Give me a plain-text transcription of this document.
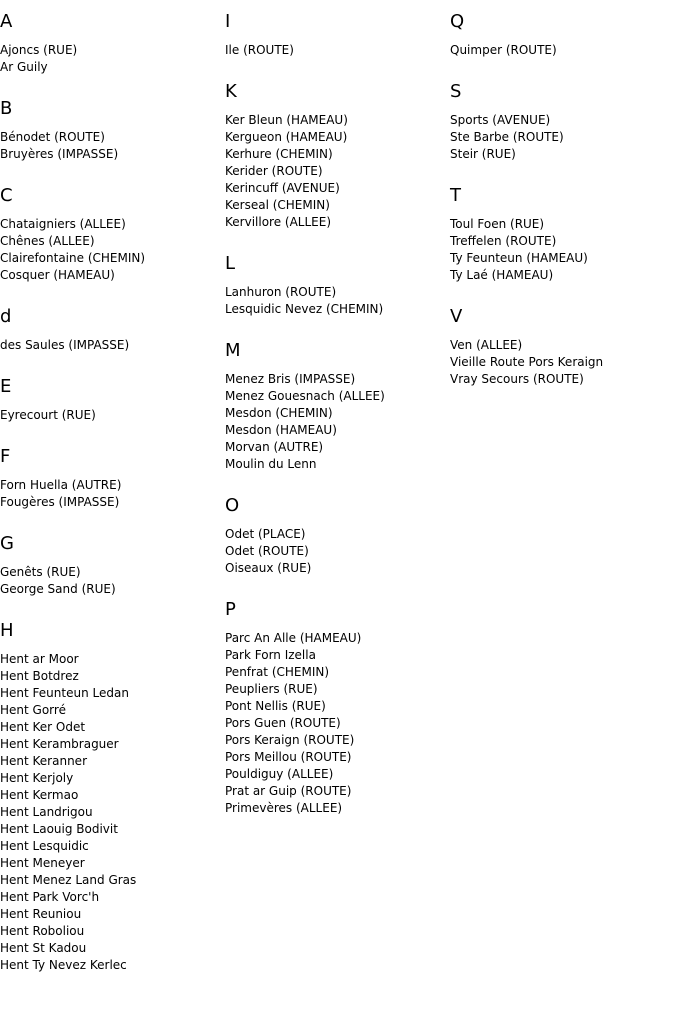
A
Ajoncs (RUE)
Ar Guily
B
Bénodet (ROUTE)
Bruyères (IMPASSE)
C
Chataigniers (ALLEE)
Chênes (ALLEE)
Clairefontaine (CHEMIN)
Cosquer (HAMEAU)
d
des Saules (IMPASSE)
E
Eyrecourt (RUE)
F
Forn Huella (AUTRE)
Fougères (IMPASSE)
G
Genêts (RUE)
George Sand (RUE)
H
Hent ar Moor
Hent Botdrez
Hent Feunteun Ledan
Hent Gorré
Hent Ker Odet
Hent Kerambraguer
Hent Keranner
Hent Kerjoly
Hent Kermao
Hent Landrigou
Hent Laouig Bodivit
Hent Lesquidic
Hent Meneyer
Hent Menez Land Gras
Hent Park Vorc'h
Hent Reuniou
Hent Roboliou
Hent St Kadou
Hent Ty Nevez Kerlec
I
Ile (ROUTE)
K
Ker Bleun (HAMEAU)
Kergueon (HAMEAU)
Kerhure (CHEMIN)
Kerider (ROUTE)
Kerincuff (AVENUE)
Kerseal (CHEMIN)
Kervillore (ALLEE)
L
Lanhuron (ROUTE)
Lesquidic Nevez (CHEMIN)
M
Menez Bris (IMPASSE)
Menez Gouesnach (ALLEE)
Mesdon (CHEMIN)
Mesdon (HAMEAU)
Morvan (AUTRE)
Moulin du Lenn
O
Odet (PLACE)
Odet (ROUTE)
Oiseaux (RUE)
P
Parc An Alle (HAMEAU)
Park Forn Izella
Penfrat (CHEMIN)
Peupliers (RUE)
Pont Nellis (RUE)
Pors Guen (ROUTE)
Pors Keraign (ROUTE)
Pors Meillou (ROUTE)
Pouldiguy (ALLEE)
Prat ar Guip (ROUTE)
Primevères (ALLEE)
Q
Quimper (ROUTE)
S
Sports (AVENUE)
Ste Barbe (ROUTE)
Steir (RUE)
T
Toul Foen (RUE)
Treffelen (ROUTE)
Ty Feunteun (HAMEAU)
Ty Laé (HAMEAU)
V
Ven (ALLEE)
Vieille Route Pors Keraign
Vray Secours (ROUTE)
